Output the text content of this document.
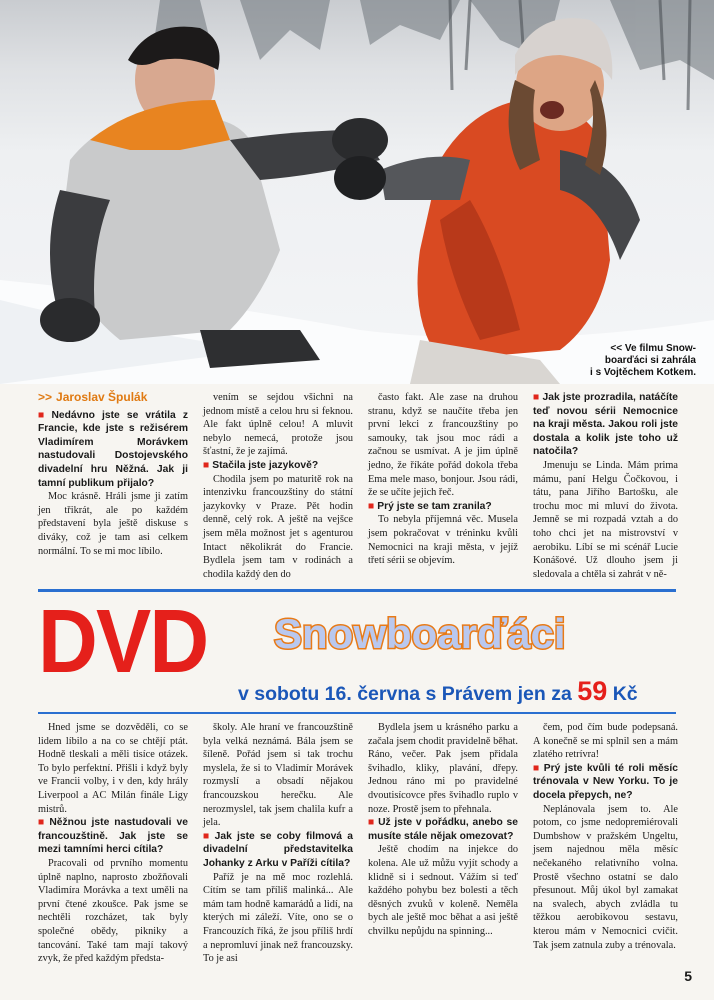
<< Ve filmu Snow-
boarďáci si zahrála
i s Vojtěchem Kotkem.
>> Jaroslav Špulák

■ Nedávno jste se vrátila z Francie, kde jste s režisérem Vladimírem Morávkem nastudovali Dostojevského divadelní hru Něžná. Jak ji tamní publikum přijalo?

Moc krásně. Hráli jsme ji zatím jen třikrát, ale po každém představení byla ještě diskuse s diváky, což je tam asi celkem normální. To se mi moc líbilo.

vením se sejdou všichni na jednom místě a celou hru si feknou. Ale fakt úplně celou! A mluvit nebylo nemecá, protože jsou šťastní, že je zajímá.

■ Stačila jste jazykově?

Chodila jsem po maturitě rok na intenzivku francouzštiny do státní jazykovky v Praze. Pět hodin denně, celý rok. A ještě na vejšce jsem měla možnost jet s agenturou Intact několikrát do Francie. Bydlela jsem tam v rodinách a chodila každý den do

často fakt. Ale zase na druhou stranu, když se naučíte třeba jen první lekci z francouzštiny po samouky, tak jsou moc rádi a začnou se usmívat. A je jim úplně jedno, že říkáte pořád dokola třeba Ema mele maso, bonjour. Jsou rádi, že se učíte jejich řeč.

■ Prý jste se tam zranila?

To nebyla příjemná věc. Musela jsem pokračovat v tréninku kvůli Nemocnici na kraji města, v jejíž třetí sérii se objevím.

■ Jak jste prozradila, natáčíte teď novou sérii Nemocnice na kraji města. Jakou roli jste dostala a kolik jste toho už natočila?

Jmenuju se Linda. Mám prima mámu, paní Helgu Čočkovou, i tátu, pana Jiřího Bartošku, ale trochu moc mi mluví do života. Jemně se mi rozpadá vztah a do toho chci jet na mistrovství v aerobiku. Líbí se mi scénář Lucie Konášové. Už dlouho jsem ji sledovala a chtěla si zahrát v ně-

DVD Snowboarďáci
v sobotu 16. června s Právem jen za 59 Kč

Hned jsme se dozvěděli, co se lidem líbilo a na co se chtějí ptát. Hodně tleskali a měli tisíce otázek. To bylo perfektní. Přišli i když byly ve Francii volby, i v den, kdy hrály Liverpool a AC Milán finále Ligy mistrů.

■ Něžnou jste nastudovali ve francouzštině. Jak jste se mezi tamními herci cítila?

Pracovali od prvního momentu úplně naplno, naprosto zbožňovali Vladimíra Morávka a text uměli na první čtené zkoušce. Pak jsme se nechtěli rozcházet, tak byly společné obědy, pikniky a tancování. Také tam mají takový zvyk, že před každým předsta-

školy. Ale hraní ve francouzštině byla velká neznámá. Bála jsem se šíleně. Pořád jsem si tak trochu myslela, že si to Vladimír Morávek rozmyslí a obsadí nějakou francouzskou herečku. Ale nerozmyslel, tak jsem chalila kufr a jela.

■ Jak jste se coby filmová a divadelní představitelka Johanky z Arku v Paříži cítila?

Paříž je na mě moc rozlehlá. Cítím se tam příliš malinká... Ale mám tam hodně kamarádů a lidí, na kterých mi záleží. Víte, ono se o Francouzích říká, že jsou příliš hrdí a nepromluví jinak než francouzsky. To je asi

Bydlela jsem u krásného parku a začala jsem chodit pravidelně běhat. Ráno, večer. Pak jsem přidala švihadlo, kliky, plavání, dřepy. Jednou ráno mi po pravidelné dvoutisícovce přes švihadlo ruplo v noze. Prostě jsem to přehnala.

■ Už jste v pořádku, anebo se musíte stále nějak omezovat?

Ještě chodím na injekce do kolena. Ale už můžu vyjít schody a klidně si i sednout. Vážím si teď každého pohybu bez bolesti a těch děsných zvuků v koleně. Neměla bych ale ještě moc běhat a asi ještě chvilku nepůjdu na spinning...

čem, pod čím bude podepsaná. A konečně se mi splnil sen a mám zlatého retrívra!

■ Prý jste kvůli té roli měsíc trénovala v New Yorku. To je docela přepych, ne?

Neplánovala jsem to. Ale potom, co jsme nedopremiérovali Dumbshow v pražském Ungeltu, jsem najednou měla měsíc nečekaného relativního volna. Prostě všechno ostatní se dalo přesunout. Můj úkol byl zamakat na svalech, abych zvládla tu těžkou aerobikovou sestavu, kterou mám v Nemocnici cvičit. Tak jsem zatnula zuby a trénovala.

5
